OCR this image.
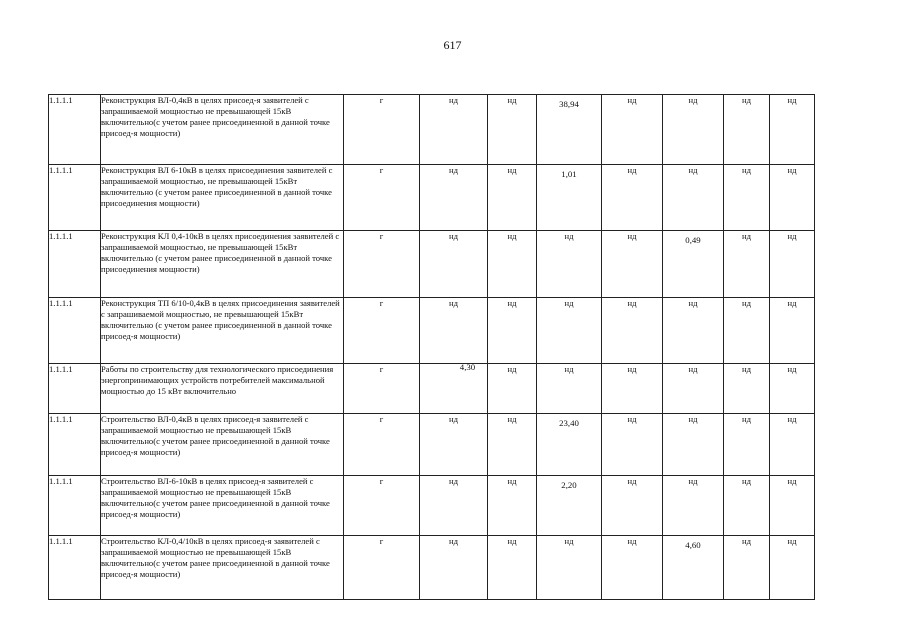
617
1.1.1.1	Реконструкция ВЛ-0,4кВ в целях присоед-я заявителей с запрашиваемой мощностью не превышающей 15кВ включительно(с учетом ранее присоединенной в данной точке присоед-я мощности)	г	нд	нд	38,94	нд	нд	нд	нд
1.1.1.1	Реконструкция ВЛ 6-10кВ в целях присоединения заявителей с запрашиваемой мощностью, не превышающей 15кВт включительно (с учетом ранее присоединенной в данной точке присоединения мощности)	г	нд	нд	1,01	нд	нд	нд	нд
1.1.1.1	Реконструкция КЛ 0,4-10кВ в целях присоединения заявителей с запрашиваемой мощностью, не превышающей 15кВт включительно (с учетом ранее присоединенной в данной точке присоединения мощности)	г	нд	нд	нд	нд	0,49	нд	нд
1.1.1.1	Реконструкция ТП 6/10-0,4кВ в целях присоединения заявителей с запрашиваемой мощностью, не превышающей 15кВт включительно (с учетом ранее присоединенной в данной точке присоед-я мощности)	г	нд	нд	нд	нд	нд	нд	нд
1.1.1.1	Работы по строительству для технологического присоединения энергопринимающих устройств потребителей максимальной мощностью до 15 кВт включительно	г	4,30	нд	нд	нд	нд	нд	нд
1.1.1.1	Строительство ВЛ-0,4кВ в целях присоед-я заявителей с запрашиваемой мощностью не превышающей 15кВ включительно(с учетом ранее присоединенной в данной точке присоед-я мощности)	г	нд	нд	23,40	нд	нд	нд	нд
1.1.1.1	Строительство ВЛ-6-10кВ в целях присоед-я заявителей с запрашиваемой мощностью не превышающей 15кВ включительно(с учетом ранее присоединенной в данной точке присоед-я мощности)	г	нд	нд	2,20	нд	нд	нд	нд
1.1.1.1	Строительство КЛ-0,4/10кВ в целях присоед-я заявителей с запрашиваемой мощностью не превышающей 15кВ включительно(с учетом ранее присоединенной в данной точке присоед-я мощности)	г	нд	нд	нд	нд	4,60	нд	нд
